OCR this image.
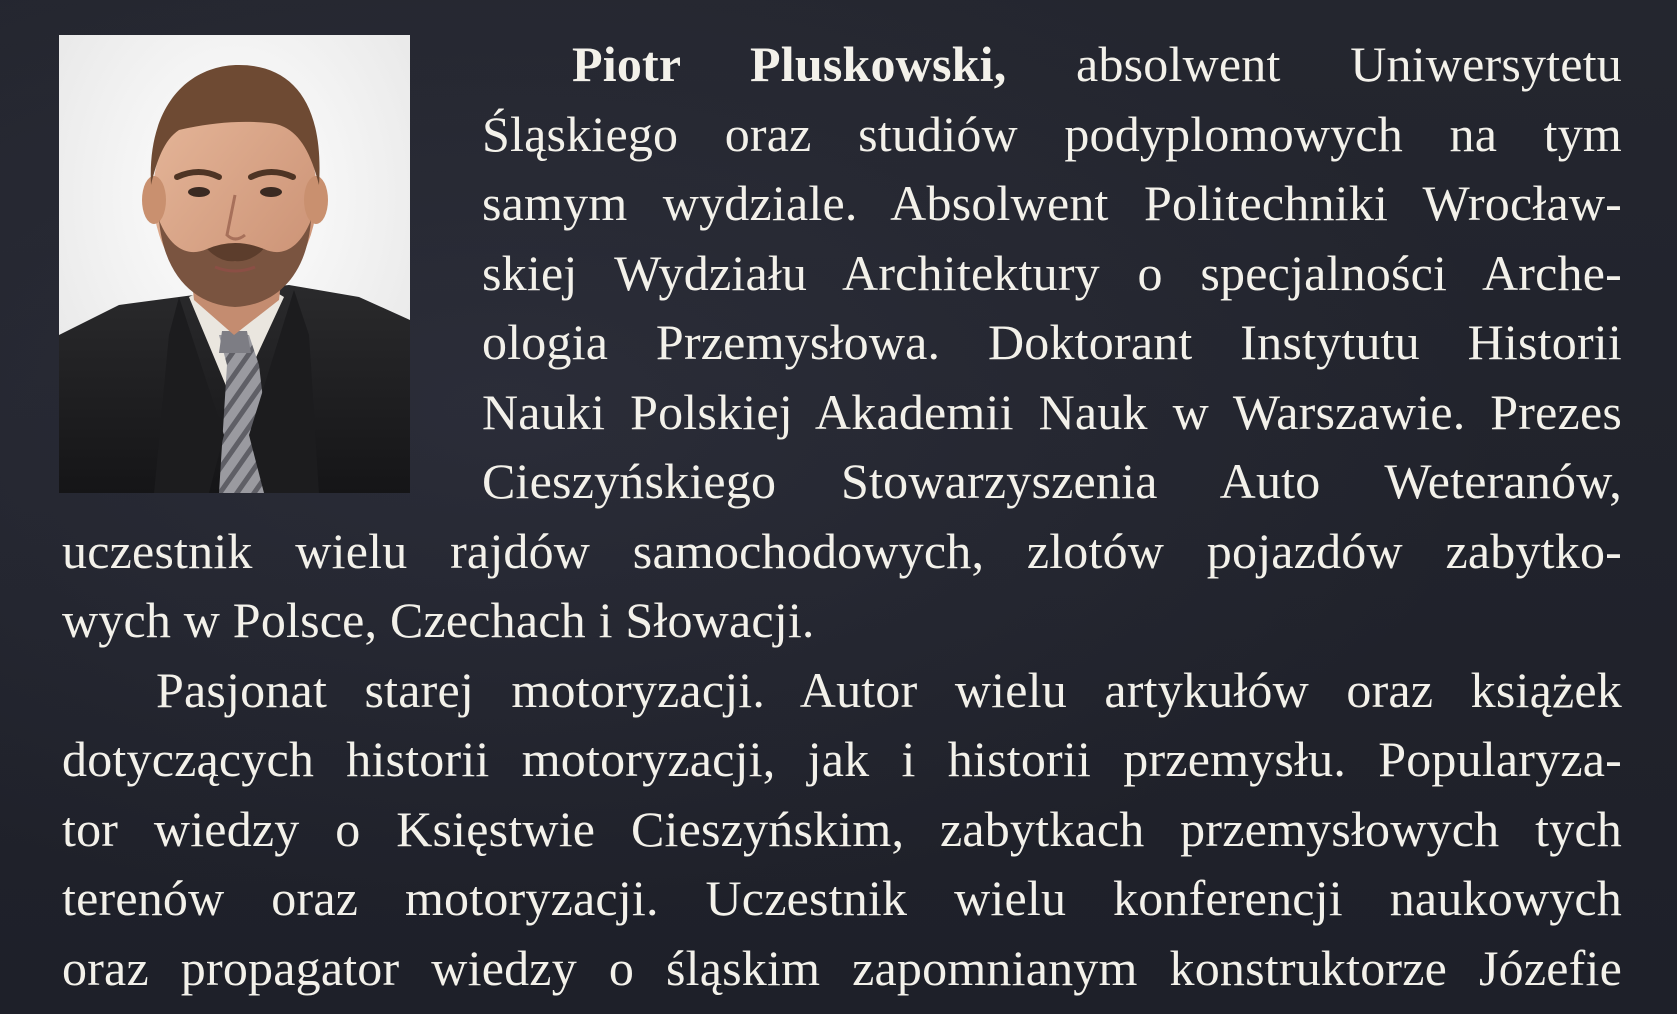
Piotr Pluskowski, absolwent Uniwersytetu
Śląskiego oraz studiów podyplomowych na tym
samym wydziale. Absolwent Politechniki Wrocław-
skiej Wydziału Architektury o specjalności Arche-
ologia Przemysłowa. Doktorant Instytutu Historii
Nauki Polskiej Akademii Nauk w Warszawie. Prezes
Cieszyńskiego Stowarzyszenia Auto Weteranów,
uczestnik wielu rajdów samochodowych, zlotów pojazdów zabytko-
wych w Polsce, Czechach i Słowacji.
Pasjonat starej motoryzacji. Autor wielu artykułów oraz książek
dotyczących historii motoryzacji, jak i historii przemysłu. Popularyza-
tor wiedzy o Księstwie Cieszyńskim, zabytkach przemysłowych tych
terenów oraz motoryzacji. Uczestnik wielu konferencji naukowych
oraz propagator wiedzy o śląskim zapomnianym konstruktorze Józefie
